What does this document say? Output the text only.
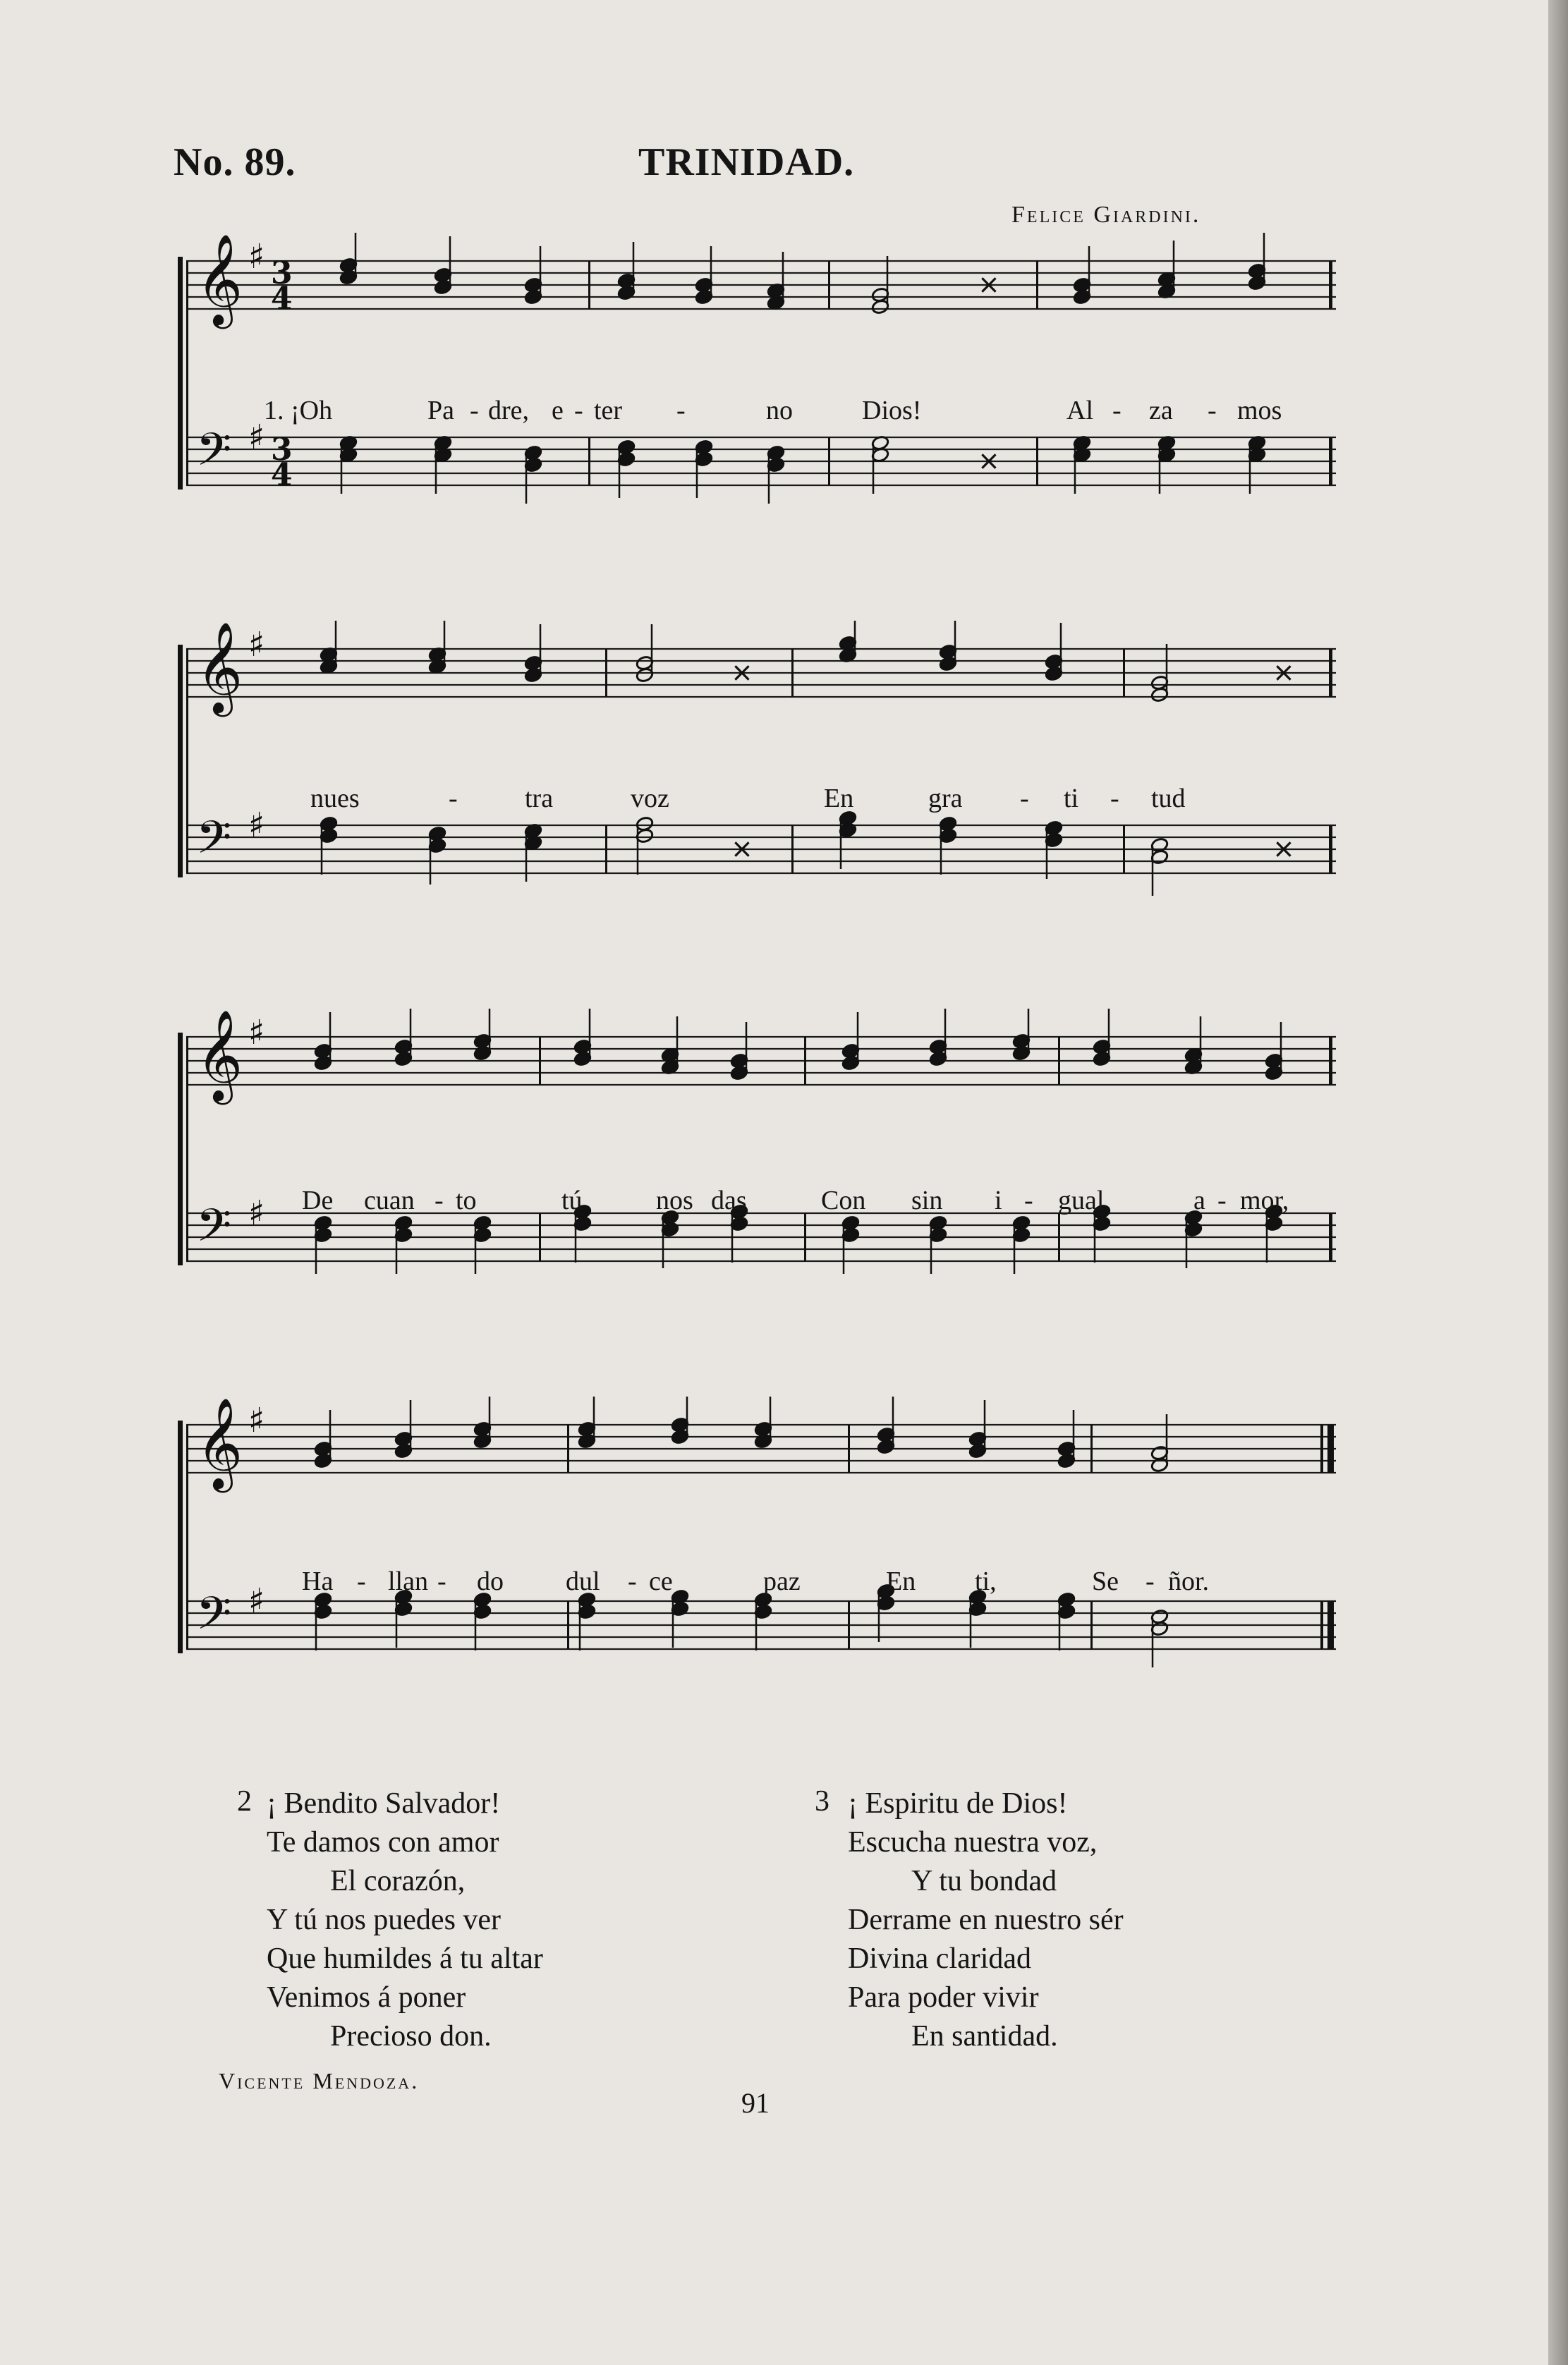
No. 89.	TRINIDAD.
Felice Giardini.
𝄞 ♯ 3
4
𝄢 ♯ 3
4
×
×
1. ¡Oh	Pa - dre, e - ter -	no	Dios!	Al - za - mos
𝄞 ♯
𝄢 ♯
×
×
×
×
nues	-	tra	voz	En	gra - ti - tud
𝄞 ♯
𝄢 ♯ De cuan - to	tú	nos das	Con sin i - gual	a - mor,
𝄞 ♯
𝄢 ♯ Ha - llan - do dul - ce	paz	En ti,	Se - ñor.
2 ¡ Bendito Salvador!
Te damos con amor
El corazón,
Y tú nos puedes ver
Que humildes á tu altar
Venimos á poner
Precioso don.
3 ¡ Espiritu de Dios!
Escucha nuestra voz,
Y tu bondad
Derrame en nuestro sér
Divina claridad
Para poder vivir
En santidad.
Vicente Mendoza.
91
